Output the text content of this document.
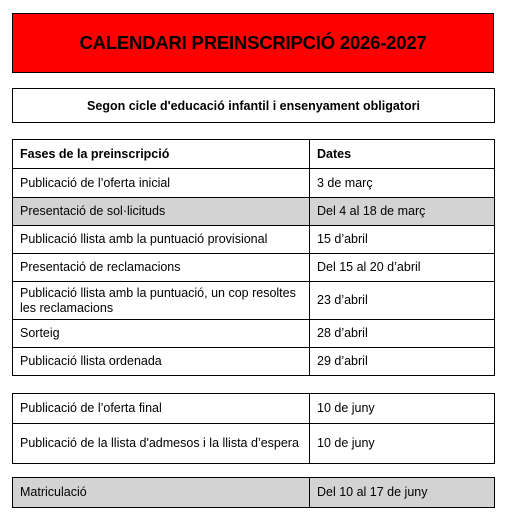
CALENDARI PREINSCRIPCIÓ 2026-2027
Segon cicle d'educació infantil i ensenyament obligatori
Fases de la preinscripció	Dates
Publicació de l’oferta inicial	3 de març
Presentació de sol·licituds	Del 4 al 18 de març
Publicació llista amb la puntuació provisional	15 d’abril
Presentació de reclamacions	Del 15 al 20 d’abril
Publicació llista amb la puntuació, un cop resoltes les reclamacions	23 d’abril
Sorteig	28 d’abril
Publicació llista ordenada	29 d’abril
Publicació de l’oferta final	10 de juny
Publicació de la llista d'admesos i la llista d’espera	10 de juny
Matriculació	Del 10 al 17 de juny
